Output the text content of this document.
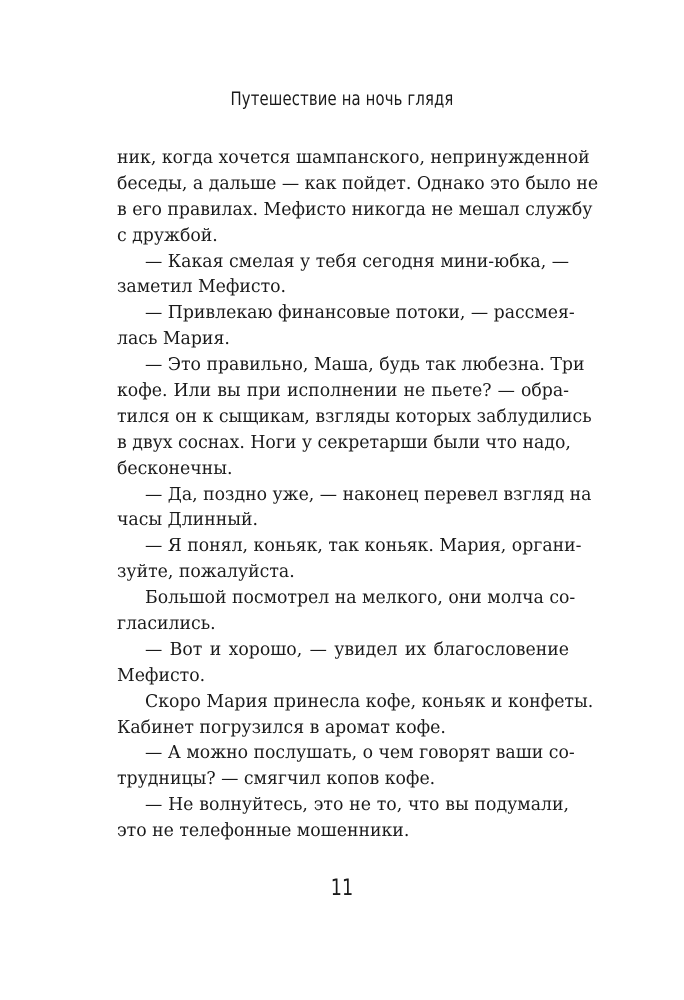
Путешествие на ночь глядя
ник, когда хочется шампанского, непринужденной
беседы, а дальше — как пойдет. Однако это было не
в его правилах. Мефисто никогда не мешал службу
с дружбой.
— Какая смелая у тебя сегодня мини-юбка, —
заметил Мефисто.
— Привлекаю финансовые потоки, — рассмея-
лась Мария.
— Это правильно, Маша, будь так любезна. Три
кофе. Или вы при исполнении не пьете? — обра-
тился он к сыщикам, взгляды которых заблудились
в двух соснах. Ноги у секретарши были что надо,
бесконечны.
— Да, поздно уже, — наконец перевел взгляд на
часы Длинный.
— Я понял, коньяк, так коньяк. Мария, органи-
зуйте, пожалуйста.
Большой посмотрел на мелкого, они молча со-
гласились.
— Вот и хорошо, — увидел их благословение
Мефисто.
Скоро Мария принесла кофе, коньяк и конфеты.
Кабинет погрузился в аромат кофе.
— А можно послушать, о чем говорят ваши со-
трудницы? — смягчил копов кофе.
— Не волнуйтесь, это не то, что вы подумали,
это не телефонные мошенники.
11
